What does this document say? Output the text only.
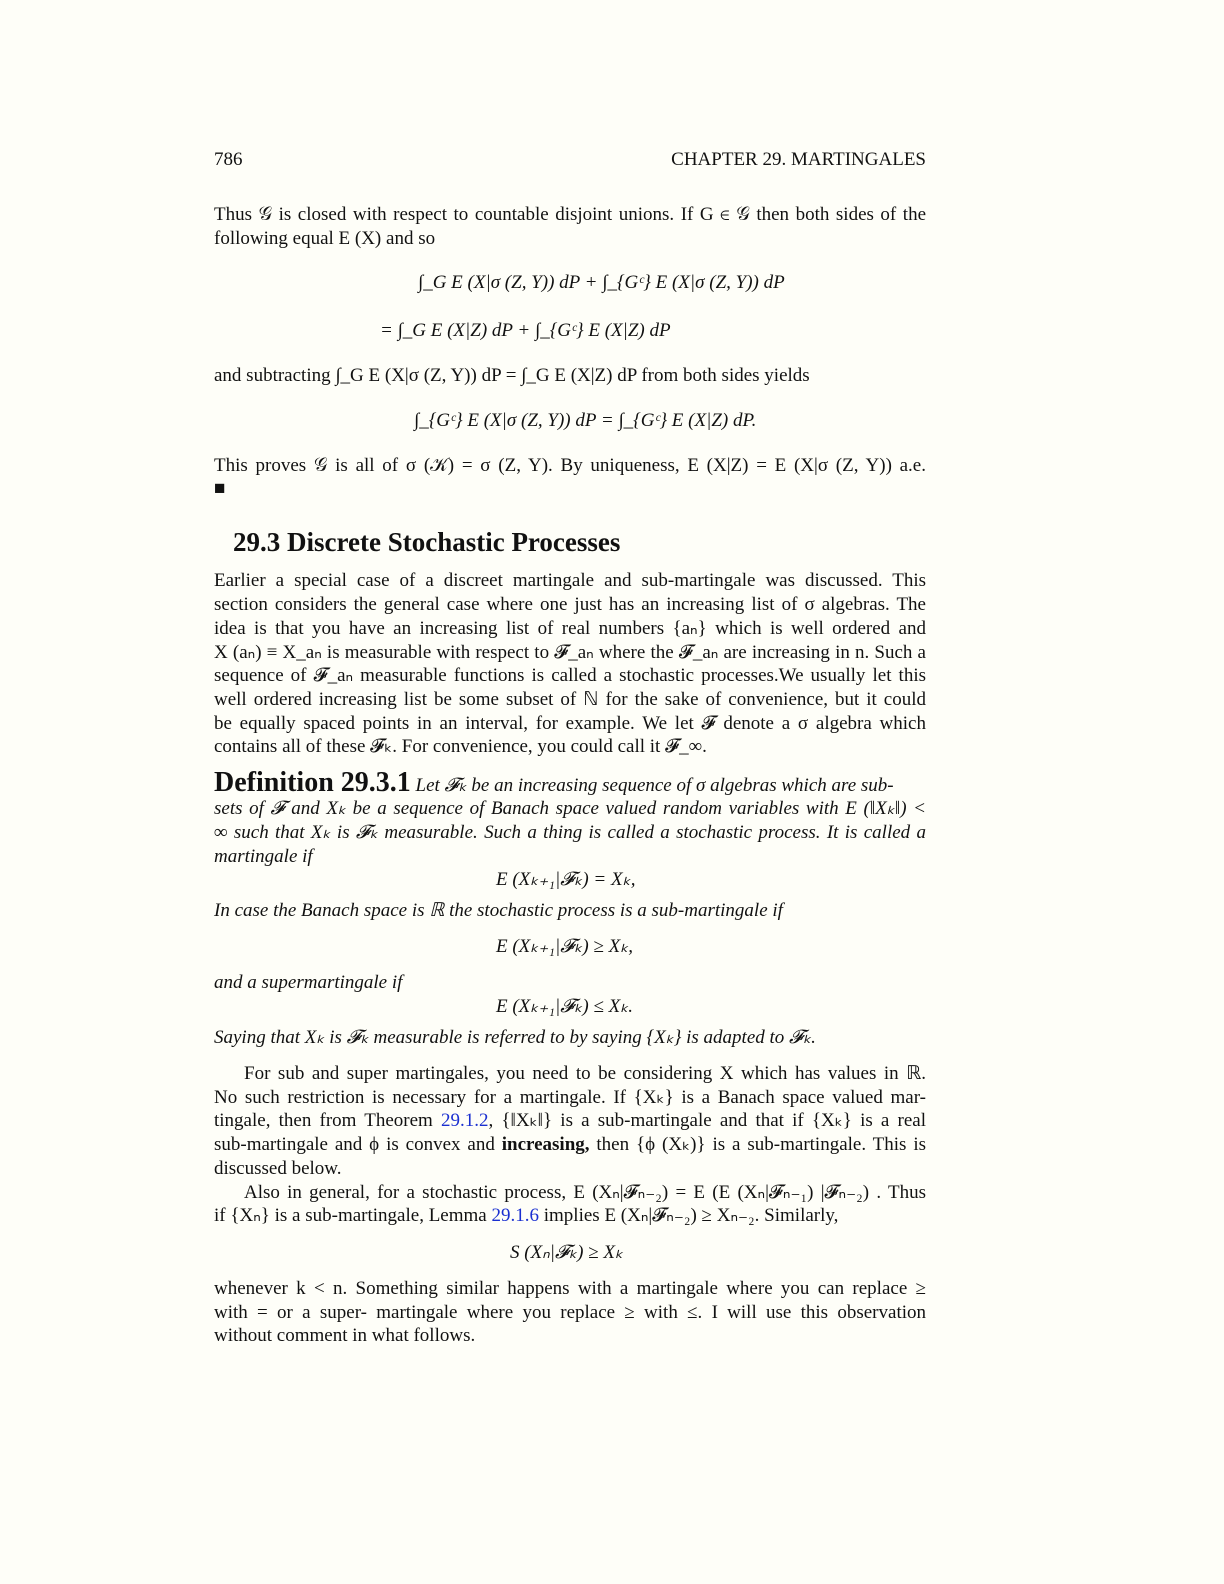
786	CHAPTER 29. MARTINGALES
Thus 𝒢 is closed with respect to countable disjoint unions. If G ∈ 𝒢 then both sides of the
following equal E (X) and so
∫_G E (X|σ (Z, Y)) dP + ∫_{Gᶜ} E (X|σ (Z, Y)) dP
= ∫_G E (X|Z) dP + ∫_{Gᶜ} E (X|Z) dP
and subtracting ∫_G E (X|σ (Z, Y)) dP = ∫_G E (X|Z) dP from both sides yields
∫_{Gᶜ} E (X|σ (Z, Y)) dP = ∫_{Gᶜ} E (X|Z) dP.
This proves 𝒢 is all of σ (𝒦) = σ (Z, Y). By uniqueness, E (X|Z) = E (X|σ (Z, Y)) a.e.
■
29.3 Discrete Stochastic Processes
Earlier a special case of a discreet martingale and sub-martingale was discussed. This
section considers the general case where one just has an increasing list of σ algebras. The
idea is that you have an increasing list of real numbers {aₙ} which is well ordered and
X (aₙ) ≡ X_aₙ is measurable with respect to 𝓕_aₙ where the 𝓕_aₙ are increasing in n. Such a
sequence of 𝓕_aₙ measurable functions is called a stochastic processes.We usually let this
well ordered increasing list be some subset of ℕ for the sake of convenience, but it could
be equally spaced points in an interval, for example. We let 𝓕 denote a σ algebra which
contains all of these 𝓕ₖ. For convenience, you could call it 𝓕_∞.
Definition 29.3.1 Let 𝓕ₖ be an increasing sequence of σ algebras which are sub-
sets of 𝓕 and Xₖ be a sequence of Banach space valued random variables with E (‖Xₖ‖) <
∞ such that Xₖ is 𝓕ₖ measurable. Such a thing is called a stochastic process. It is called a
martingale if
E (Xₖ₊₁|𝓕ₖ) = Xₖ,
In case the Banach space is ℝ the stochastic process is a sub-martingale if
E (Xₖ₊₁|𝓕ₖ) ≥ Xₖ,
and a supermartingale if
E (Xₖ₊₁|𝓕ₖ) ≤ Xₖ.
Saying that Xₖ is 𝓕ₖ measurable is referred to by saying {Xₖ} is adapted to 𝓕ₖ.
For sub and super martingales, you need to be considering X which has values in ℝ.
No such restriction is necessary for a martingale. If {Xₖ} is a Banach space valued mar-
tingale, then from Theorem 29.1.2, {‖Xₖ‖} is a sub-martingale and that if {Xₖ} is a real
sub-martingale and ϕ is convex and increasing, then {ϕ (Xₖ)} is a sub-martingale. This is
discussed below.
Also in general, for a stochastic process, E (Xₙ|𝓕ₙ₋₂) = E (E (Xₙ|𝓕ₙ₋₁) |𝓕ₙ₋₂) . Thus
if {Xₙ} is a sub-martingale, Lemma 29.1.6 implies E (Xₙ|𝓕ₙ₋₂) ≥ Xₙ₋₂. Similarly,
S (Xₙ|𝓕ₖ) ≥ Xₖ
whenever k < n. Something similar happens with a martingale where you can replace ≥
with = or a super- martingale where you replace ≥ with ≤. I will use this observation
without comment in what follows.
